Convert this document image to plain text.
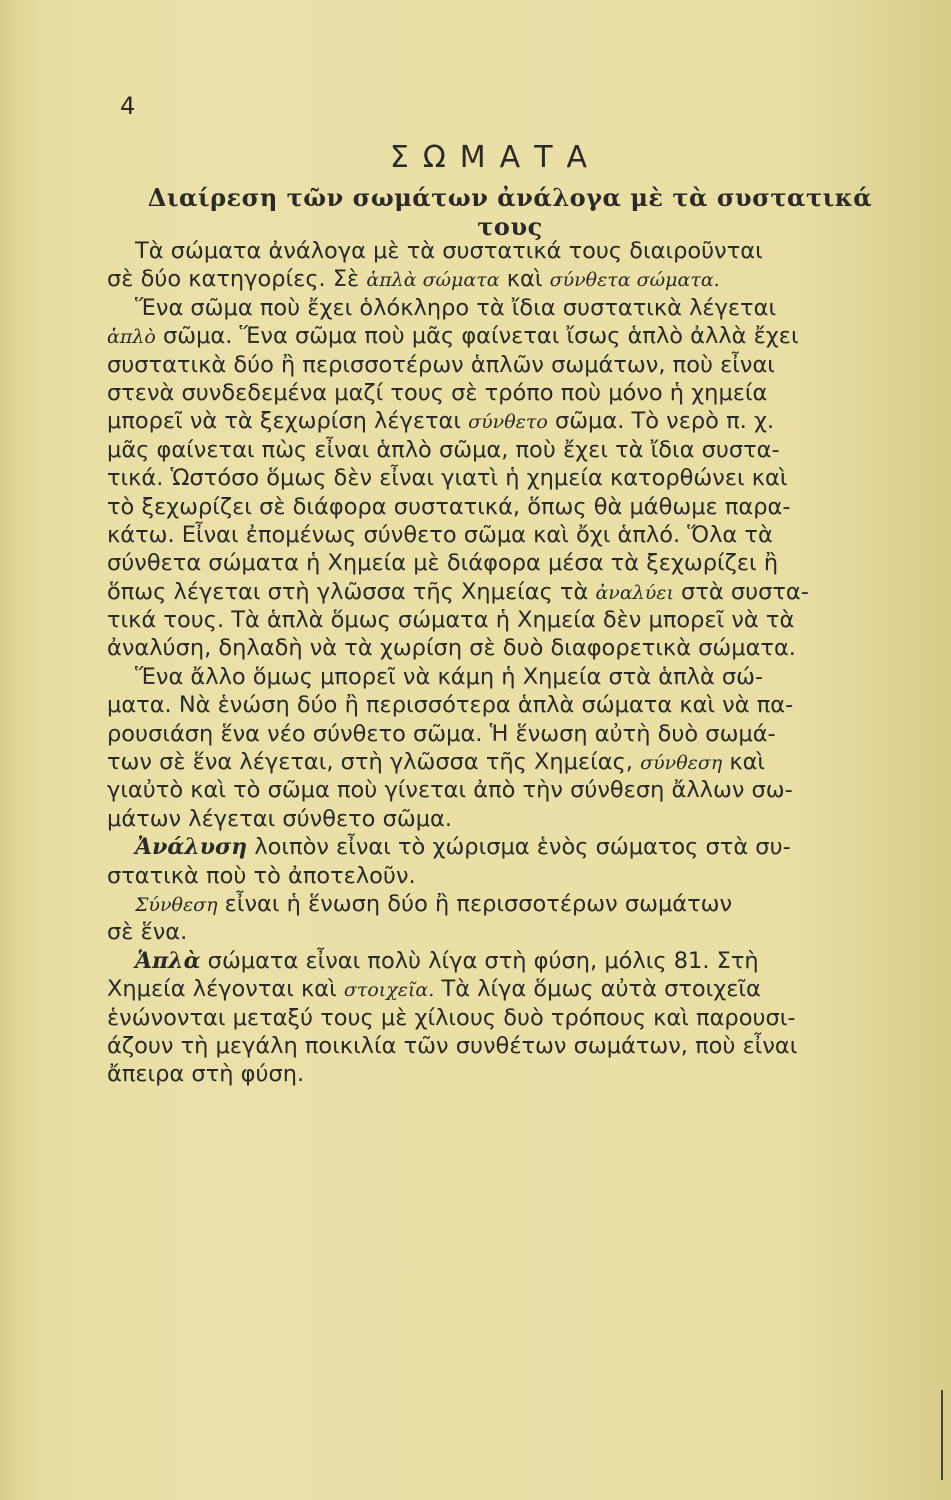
4
ΣΩΜΑΤΑ
Διαίρεση τῶν σωμάτων ἀνάλογα μὲ τὰ συστατικά τους
Τὰ σώματα ἀνάλογα μὲ τὰ συστατικά τους διαιροῦνται
σὲ δύο κατηγορίες. Σὲ ἁπλὰ σώματα καὶ σύνθετα σώματα.
Ἕνα σῶμα ποὺ ἔχει ὁλόκληρο τὰ ἴδια συστατικὰ λέγεται
ἁπλὸ σῶμα. Ἕνα σῶμα ποὺ μᾶς φαίνεται ἴσως ἁπλὸ ἀλλὰ ἔχει
συστατικὰ δύο ἢ περισσοτέρων ἁπλῶν σωμάτων, ποὺ εἶναι
στενὰ συνδεδεμένα μαζί τους σὲ τρόπο ποὺ μόνο ἡ χημεία
μπορεῖ νὰ τὰ ξεχωρίση λέγεται σύνθετο σῶμα. Τὸ νερὸ π. χ.
μᾶς φαίνεται πὼς εἶναι ἁπλὸ σῶμα, ποὺ ἔχει τὰ ἴδια συστα-
τικά. Ὡστόσο ὅμως δὲν εἶναι γιατὶ ἡ χημεία κατορθώνει καὶ
τὸ ξεχωρίζει σὲ διάφορα συστατικά, ὅπως θὰ μάθωμε παρα-
κάτω. Εἶναι ἐπομένως σύνθετο σῶμα καὶ ὄχι ἁπλό. Ὅλα τὰ
σύνθετα σώματα ἡ Χημεία μὲ διάφορα μέσα τὰ ξεχωρίζει ἢ
ὅπως λέγεται στὴ γλῶσσα τῆς Χημείας τὰ ἀναλύει στὰ συστα-
τικά τους. Τὰ ἁπλὰ ὅμως σώματα ἡ Χημεία δὲν μπορεῖ νὰ τὰ
ἀναλύση, δηλαδὴ νὰ τὰ χωρίση σὲ δυὸ διαφορετικὰ σώματα.
Ἕνα ἄλλο ὅμως μπορεῖ νὰ κάμη ἡ Χημεία στὰ ἁπλὰ σώ-
ματα. Νὰ ἑνώση δύο ἢ περισσότερα ἁπλὰ σώματα καὶ νὰ πα-
ρουσιάση ἕνα νέο σύνθετο σῶμα. Ἡ ἕνωση αὐτὴ δυὸ σωμά-
των σὲ ἕνα λέγεται, στὴ γλῶσσα τῆς Χημείας, σύνθεση καὶ
γιαὐτὸ καὶ τὸ σῶμα ποὺ γίνεται ἀπὸ τὴν σύνθεση ἄλλων σω-
μάτων λέγεται σύνθετο σῶμα.
Ἀνάλυση λοιπὸν εἶναι τὸ χώρισμα ἑνὸς σώματος στὰ συ-
στατικὰ ποὺ τὸ ἀποτελοῦν.
Σύνθεση εἶναι ἡ ἕνωση δύο ἢ περισσοτέρων σωμάτων
σὲ ἕνα.
Ἁπλὰ σώματα εἶναι πολὺ λίγα στὴ φύση, μόλις 81. Στὴ
Χημεία λέγονται καὶ στοιχεῖα. Τὰ λίγα ὅμως αὐτὰ στοιχεῖα
ἑνώνονται μεταξύ τους μὲ χίλιους δυὸ τρόπους καὶ παρουσι-
άζουν τὴ μεγάλη ποικιλία τῶν συνθέτων σωμάτων, ποὺ εἶναι
ἄπειρα στὴ φύση.
